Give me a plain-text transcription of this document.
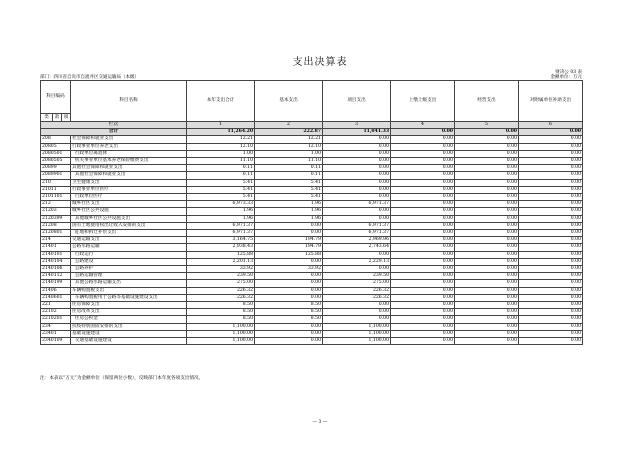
支出决算表
财决公 03 表
金额单位：万元
部门：四川省自贡市自流井区交通运输局（本级）
科目编码			科目名称	本年支出合计	基本支出	项目支出	上缴上级支出	经营支出	对附属单位补助支出
类	款	项							
栏次				1	2	3	4	5	6
合计				11,264.20	222.87	11,041.33	0.00	0.00	0.00
208			社会保障和就业支出	12.21	12.21	0.00	0.00	0.00	0.00
20805			行政事业单位养老支出	12.10	12.10	0.00	0.00	0.00	0.00
2080501			行政单位离退休	1.00	1.00	0.00	0.00	0.00	0.00
2080505			机关事业单位基本养老保险缴费支出	11.10	11.10	0.00	0.00	0.00	0.00
20899			其他社会保障和就业支出	0.11	0.11	0.00	0.00	0.00	0.00
2089901			其他社会保障和就业支出	0.11	0.11	0.00	0.00	0.00	0.00
210			卫生健康支出	5.41	5.41	0.00	0.00	0.00	0.00
21011			行政事业单位医疗	5.41	5.41	0.00	0.00	0.00	0.00
2101101			行政单位医疗	5.41	5.41	0.00	0.00	0.00	0.00
212			城乡社区支出	6,973.33	1.96	6,971.37	0.00	0.00	0.00
21203			城乡社区公共设施	1.96	1.96	0.00	0.00	0.00	0.00
2120399			其他城乡社区公共设施支出	1.96	1.96	0.00	0.00	0.00	0.00
21208			国有土地使用权出让收入安排的支出	6,971.37	0.00	6,971.37	0.00	0.00	0.00
2120801			征地和拆迁补偿支出	6,971.37	0.00	6,971.37	0.00	0.00	0.00
214			交通运输支出	3,164.75	194.79	2,969.96	0.00	0.00	0.00
21401			公路水路运输	2,938.43	194.79	2,743.64	0.00	0.00	0.00
2140101			行政运行	125.88	125.88	0.00	0.00	0.00	0.00
2140104			公路建设	2,201.13	0.00	2,229.13	0.00	0.00	0.00
2140106			公路养护	33.92	33.92	0.00	0.00	0.00	0.00
2140112			公路运输管理	239.50	0.00	239.50	0.00	0.00	0.00
2140199			其他公路水路运输支出	275.00	0.00	275.00	0.00	0.00	0.00
21406			车辆购置税支出	226.32	0.00	226.32	0.00	0.00	0.00
2140601			车辆购置税用于公路等基础设施建设支出	226.32	0.00	226.32	0.00	0.00	0.00
221			住房保障支出	8.50	8.50	0.00	0.00	0.00	0.00
22102			住房改革支出	8.50	8.50	0.00	0.00	0.00	0.00
2210201			住房公积金	8.50	8.50	0.00	0.00	0.00	0.00
234			抗疫特别国债安排的支出	1,100.00	0.00	1,100.00	0.00	0.00	0.00
23401			基础设施建设	1,100.00	0.00	1,100.00	0.00	0.00	0.00
2340109			交通基础设施建设	1,100.00	0.00	1,100.00	0.00	0.00	0.00
注：本表以“万元”为金额单位（保留两位小数），反映部门本年度各项支出情况。
— 3 —
